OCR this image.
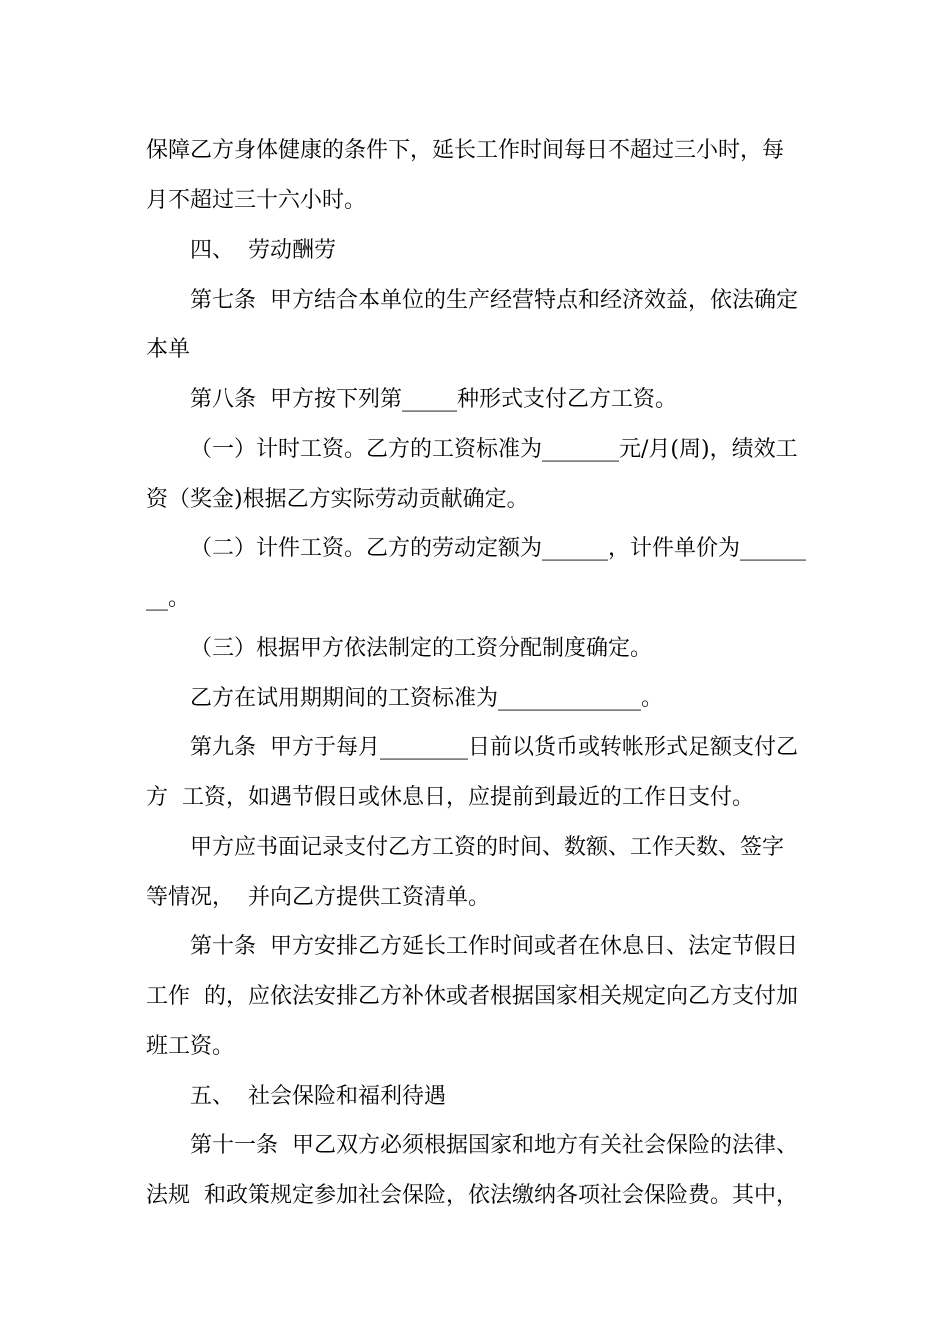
保障乙方身体健康的条件下，延长工作时间每日不超过三小时，每
月不超过三十六小时。
四、  劳动酬劳
第七条  甲方结合本单位的生产经营特点和经济效益，依法确定
本单
第八条  甲方按下列第_____种形式支付乙方工资。
（一）计时工资。乙方的工资标准为_______元/月(周)，绩效工
资（奖金)根据乙方实际劳动贡献确定。
（二）计件工资。乙方的劳动定额为______，计件单价为______
__。
（三）根据甲方依法制定的工资分配制度确定。
乙方在试用期期间的工资标准为_____________。
第九条  甲方于每月________日前以货币或转帐形式足额支付乙
方  工资，如遇节假日或休息日，应提前到最近的工作日支付。
甲方应书面记录支付乙方工资的时间、数额、工作天数、签字
等情况，  并向乙方提供工资清单。
第十条  甲方安排乙方延长工作时间或者在休息日、法定节假日
工作  的，应依法安排乙方补休或者根据国家相关规定向乙方支付加
班工资。
五、  社会保险和福利待遇
第十一条  甲乙双方必须根据国家和地方有关社会保险的法律、
法规  和政策规定参加社会保险，依法缴纳各项社会保险费。其中，
